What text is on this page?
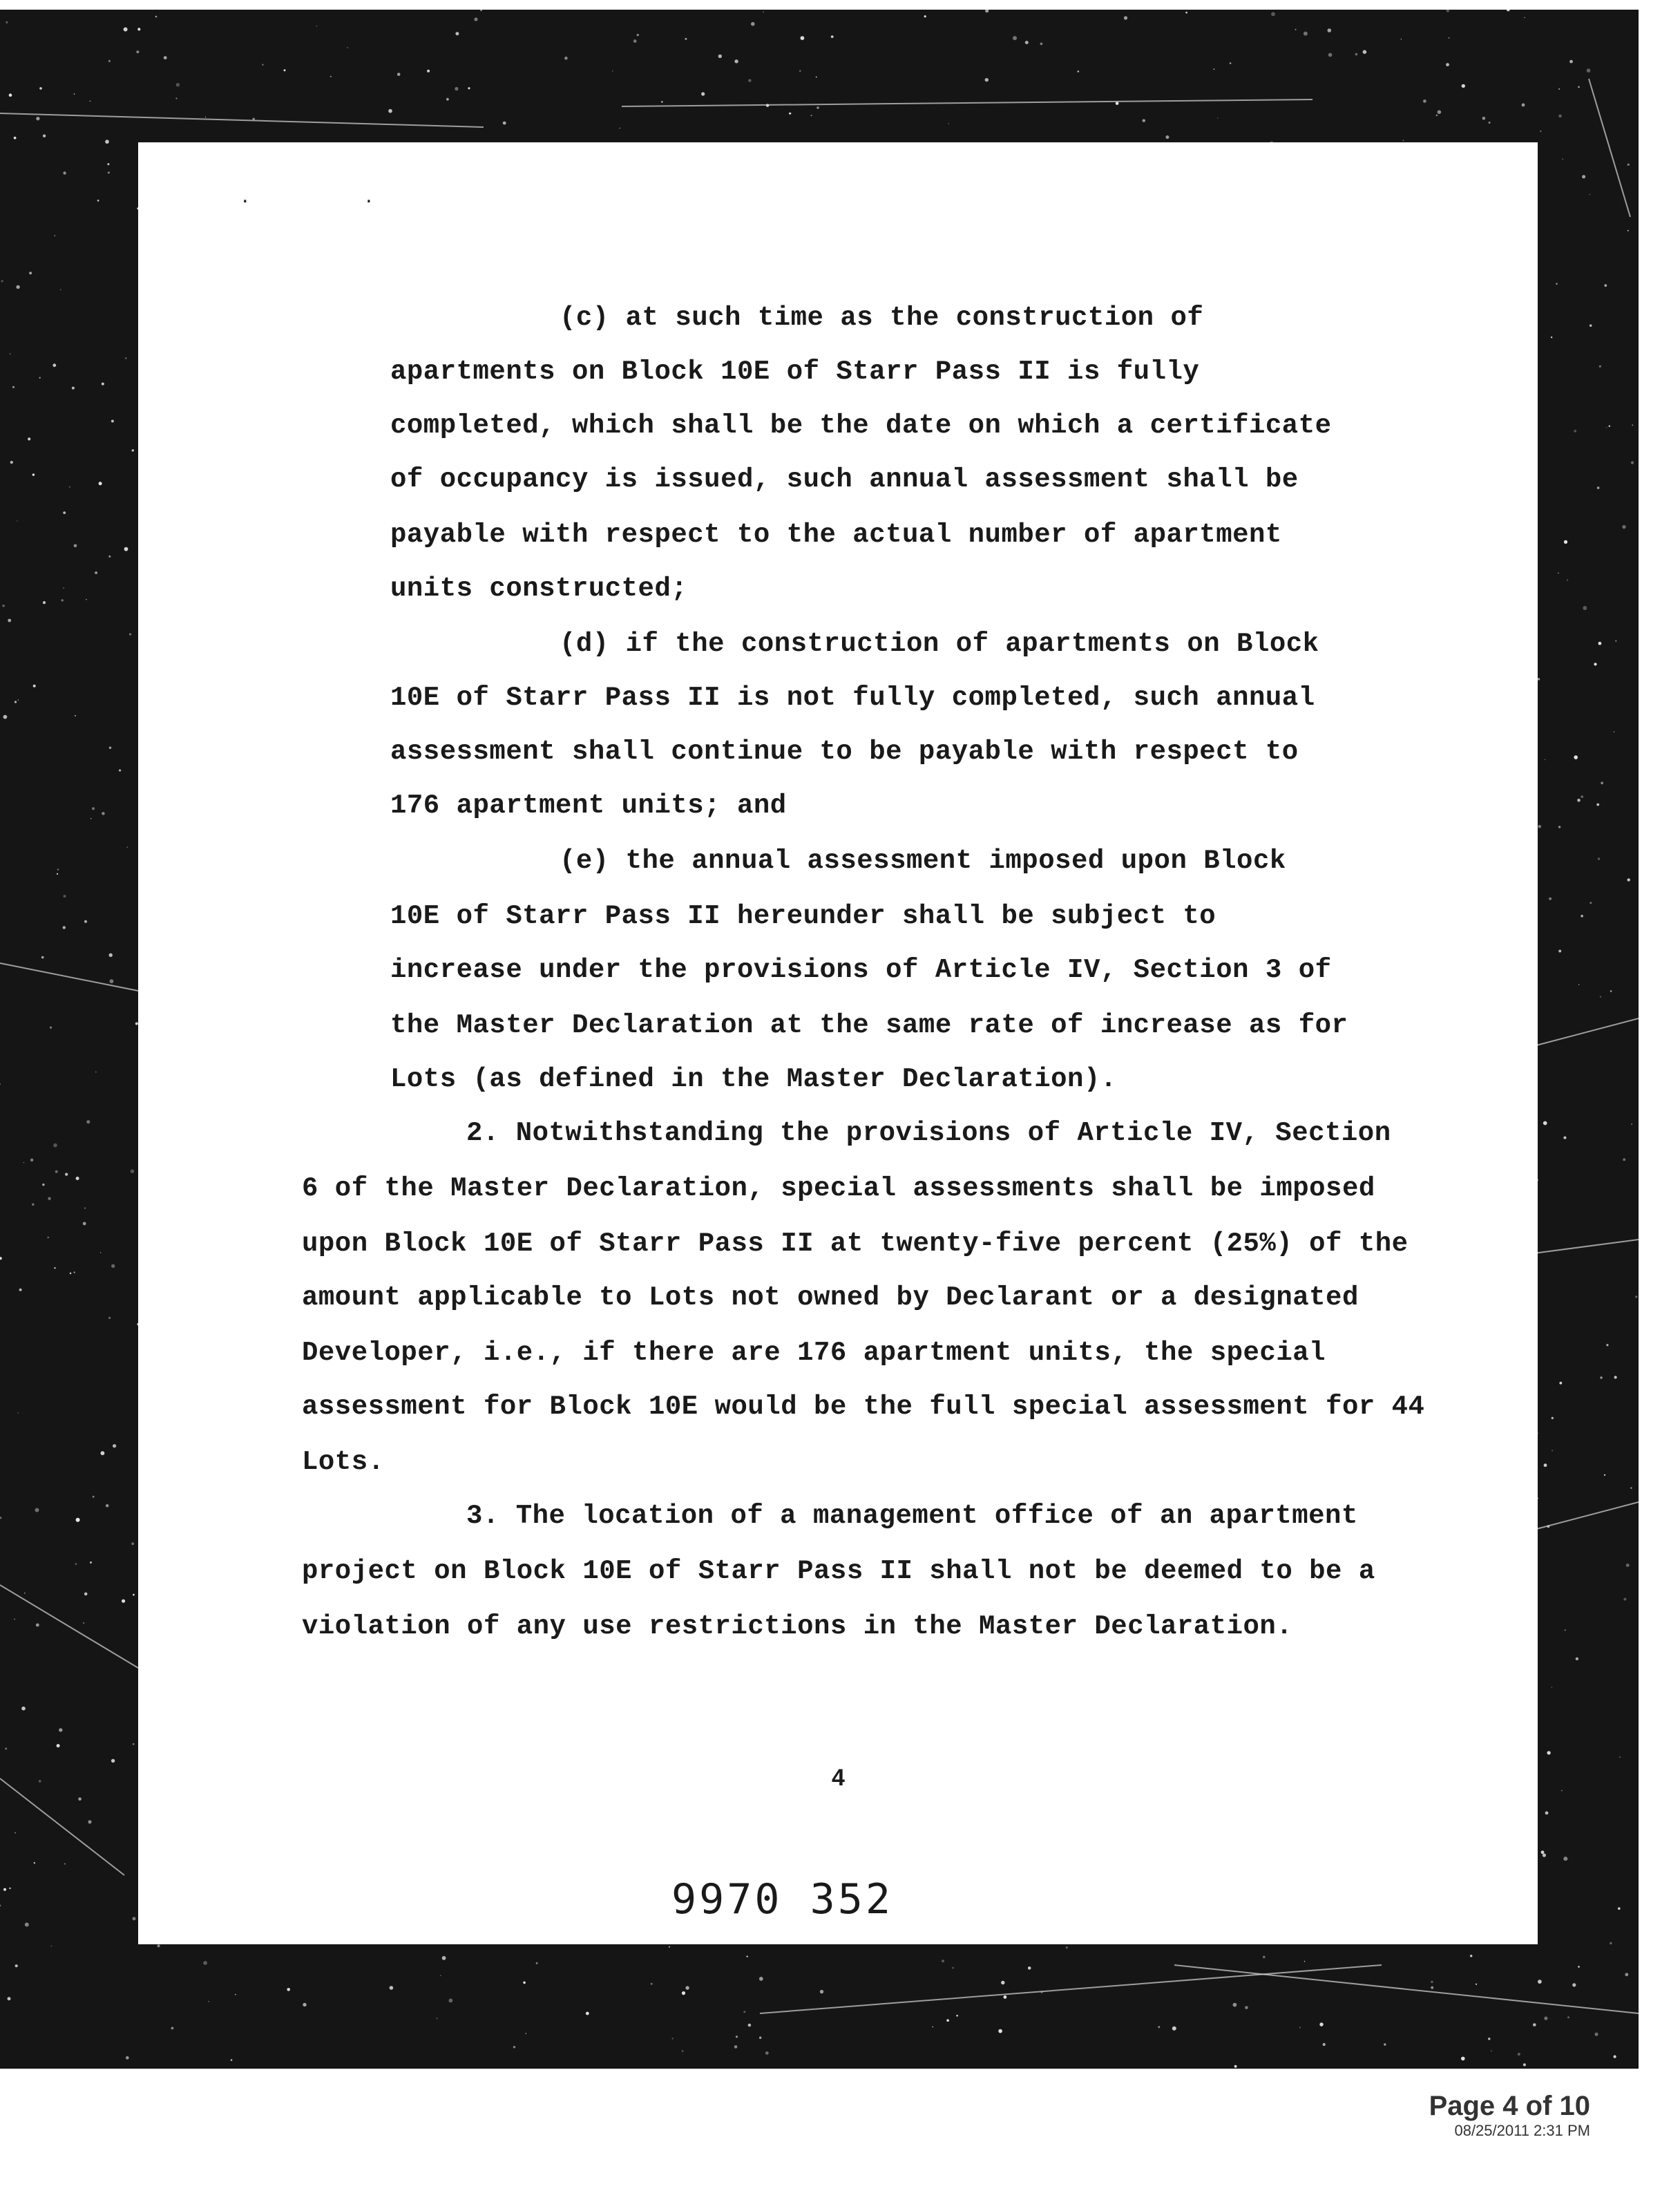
. .
(c) at such time as the construction of
apartments on Block 10E of Starr Pass II is fully
completed, which shall be the date on which a certificate
of occupancy is issued, such annual assessment shall be
payable with respect to the actual number of apartment
units constructed;
(d) if the construction of apartments on Block
10E of Starr Pass II is not fully completed, such annual
assessment shall continue to be payable with respect to
176 apartment units; and
(e) the annual assessment imposed upon Block
10E of Starr Pass II hereunder shall be subject to
increase under the provisions of Article IV, Section 3 of
the Master Declaration at the same rate of increase as for
Lots (as defined in the Master Declaration).
2. Notwithstanding the provisions of Article IV, Section
6 of the Master Declaration, special assessments shall be imposed
upon Block 10E of Starr Pass II at twenty-five percent (25%) of the
amount applicable to Lots not owned by Declarant or a designated
Developer, i.e., if there are 176 apartment units, the special
assessment for Block 10E would be the full special assessment for 44
Lots.
3. The location of a management office of an apartment
project on Block 10E of Starr Pass II shall not be deemed to be a
violation of any use restrictions in the Master Declaration.
4
9970 352
Page 4 of 10
08/25/2011 2:31 PM
